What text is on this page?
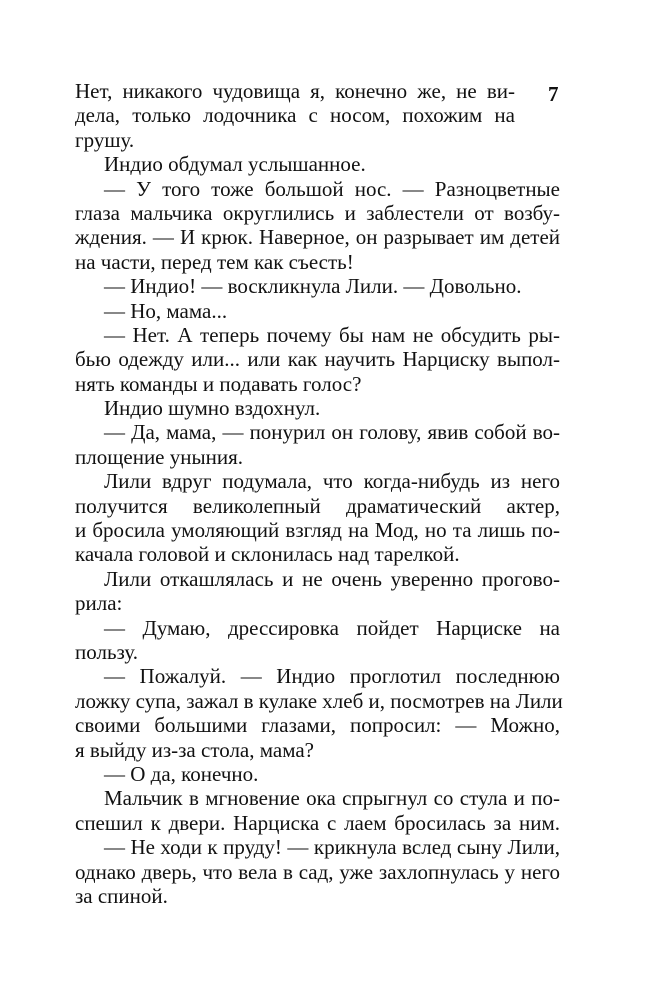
7
Нет, никакого чудовища я, конечно же, не ви-
дела, только лодочника с носом, похожим на
грушу.
Индио обдумал услышанное.
— У того тоже большой нос. — Разноцветные
глаза мальчика округлились и заблестели от возбу-
ждения. — И крюк. Наверное, он разрывает им детей
на части, перед тем как съесть!
— Индио! — воскликнула Лили. — Довольно.
— Но, мама...
— Нет. А теперь почему бы нам не обсудить ры-
бью одежду или... или как научить Нарциску выпол-
нять команды и подавать голос?
Индио шумно вздохнул.
— Да, мама, — понурил он голову, явив собой во-
площение уныния.
Лили вдруг подумала, что когда-нибудь из него
получится великолепный драматический актер,
и бросила умоляющий взгляд на Мод, но та лишь по-
качала головой и склонилась над тарелкой.
Лили откашлялась и не очень уверенно проговo-
рила:
— Думаю, дрессировка пойдет Нарциске на
пользу.
— Пожалуй. — Индио проглотил последнюю
ложку супа, зажал в кулаке хлеб и, посмотрев на Лили
своими большими глазами, попросил: — Можно,
я выйду из-за стола, мама?
— О да, конечно.
Мальчик в мгновение ока спрыгнул со стула и по-
спешил к двери. Нарциска с лаем бросилась за ним.
— Не ходи к пруду! — крикнула вслед сыну Лили,
однако дверь, что вела в сад, уже захлопнулась у него
за спиной.
